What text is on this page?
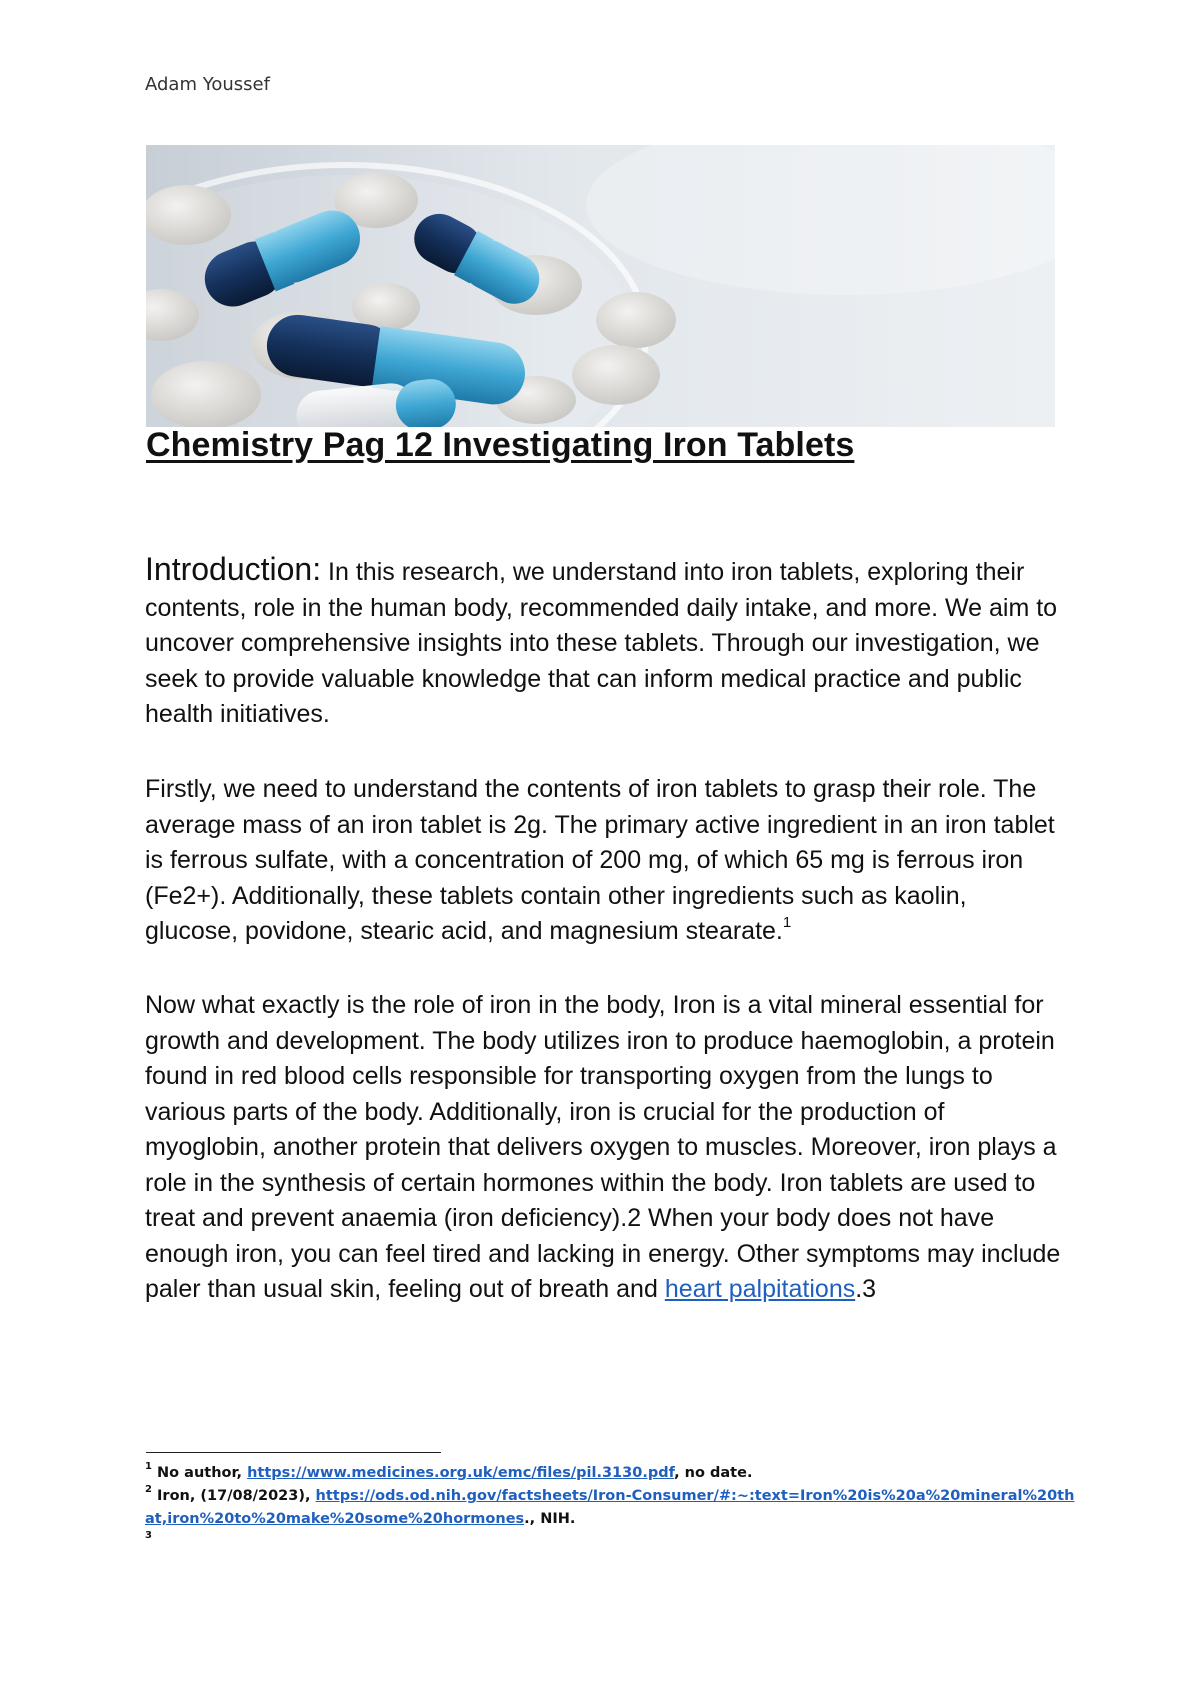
Adam Youssef
Chemistry Pag 12 Investigating Iron Tablets

Introduction: In this research, we understand into iron tablets, exploring their contents, role in the human body, recommended daily intake, and more. We aim to uncover comprehensive insights into these tablets. Through our investigation, we seek to provide valuable knowledge that can inform medical practice and public health initiatives.

Firstly, we need to understand the contents of iron tablets to grasp their role. The average mass of an iron tablet is 2g. The primary active ingredient in an iron tablet is ferrous sulfate, with a concentration of 200 mg, of which 65 mg is ferrous iron (Fe2+). Additionally, these tablets contain other ingredients such as kaolin, glucose, povidone, stearic acid, and magnesium stearate.$^1$

Now what exactly is the role of iron in the body, Iron is a vital mineral essential for growth and development. The body utilizes iron to produce haemoglobin, a protein found in red blood cells responsible for transporting oxygen from the lungs to various parts of the body. Additionally, iron is crucial for the production of myoglobin, another protein that delivers oxygen to muscles. Moreover, iron plays a role in the synthesis of certain hormones within the body. Iron tablets are used to treat and prevent anaemia (iron deficiency).2 When your body does not have enough iron, you can feel tired and lacking in energy. Other symptoms may include paler than usual skin, feeling out of breath and heart palpitations.3

$^1$ No author, https://www.medicines.org.uk/emc/files/pil.3130.pdf, no date.

$^2$ Iron, (17/08/2023), https://ods.od.nih.gov/factsheets/Iron-Consumer/#:~:text=Iron%20is%20a%20mineral%20that,iron%20to%20make%20some%20hormones., NIH.

$^3$
